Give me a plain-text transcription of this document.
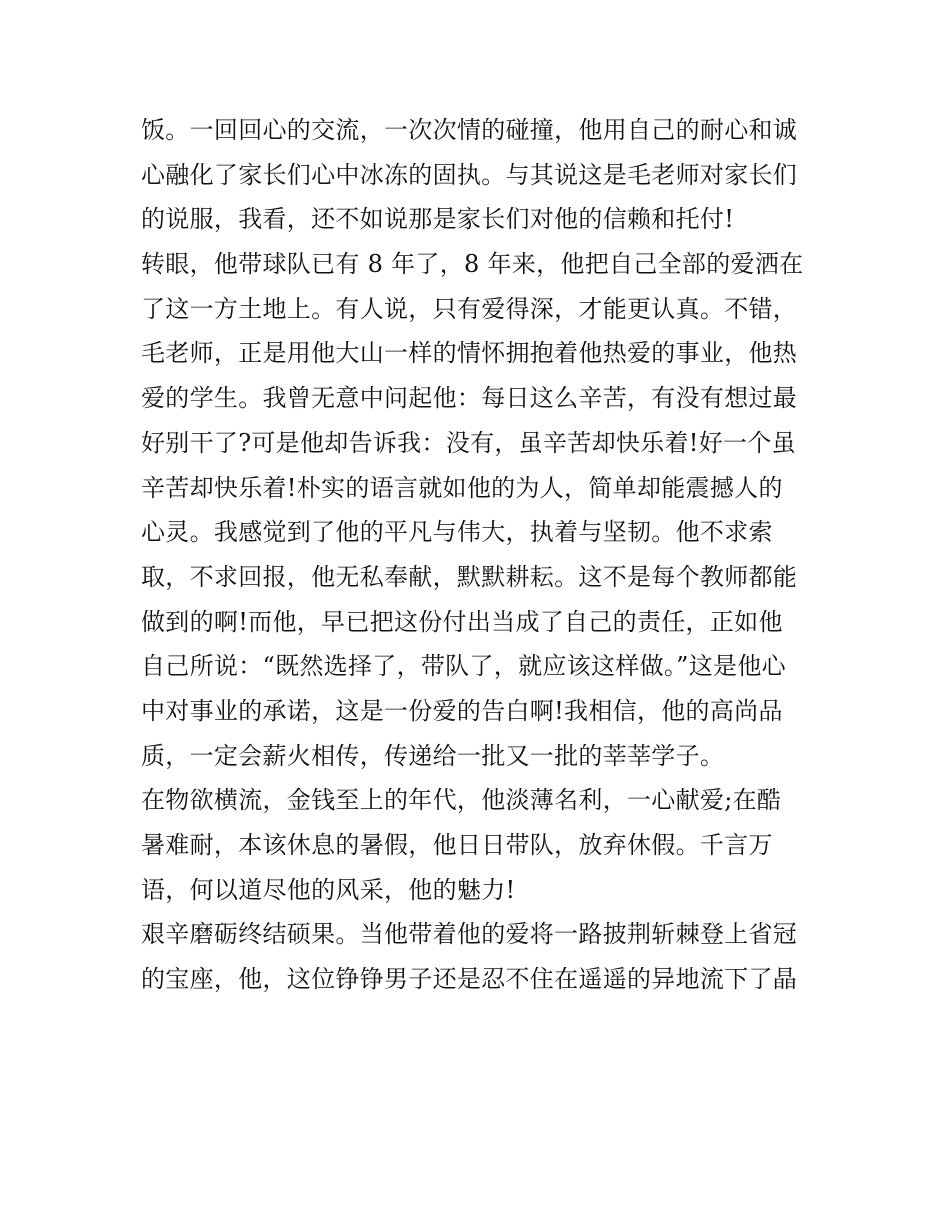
饭。一回回心的交流，一次次情的碰撞，他用自己的耐心和诚
心融化了家长们心中冰冻的固执。与其说这是毛老师对家长们
的说服，我看，还不如说那是家长们对他的信赖和托付!
转眼，他带球队已有 8 年了，8 年来，他把自己全部的爱洒在
了这一方土地上。有人说，只有爱得深，才能更认真。不错，
毛老师，正是用他大山一样的情怀拥抱着他热爱的事业，他热
爱的学生。我曾无意中问起他：每日这么辛苦，有没有想过最
好别干了?可是他却告诉我：没有，虽辛苦却快乐着!好一个虽
辛苦却快乐着!朴实的语言就如他的为人，简单却能震撼人的
心灵。我感觉到了他的平凡与伟大，执着与坚韧。他不求索
取，不求回报，他无私奉献，默默耕耘。这不是每个教师都能
做到的啊!而他，早已把这份付出当成了自己的责任，正如他
自己所说：“既然选择了，带队了，就应该这样做。”这是他心
中对事业的承诺，这是一份爱的告白啊!我相信，他的高尚品
质，一定会薪火相传，传递给一批又一批的莘莘学子。
在物欲横流，金钱至上的年代，他淡薄名利，一心献爱;在酷
暑难耐，本该休息的暑假，他日日带队，放弃休假。千言万
语，何以道尽他的风采，他的魅力!
艰辛磨砺终结硕果。当他带着他的爱将一路披荆斩棘登上省冠
的宝座，他，这位铮铮男子还是忍不住在遥遥的异地流下了晶
